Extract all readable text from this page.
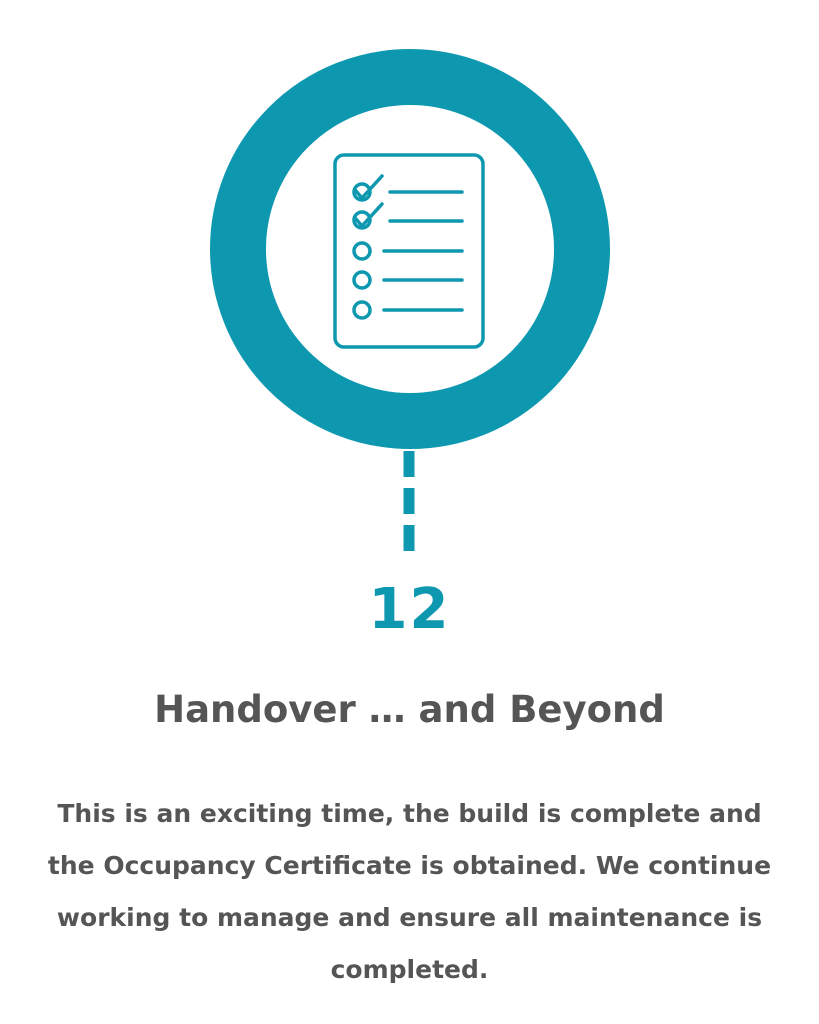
12
Handover … and Beyond
This is an exciting time, the build is complete and the Occupancy Certificate is obtained. We continue working to manage and ensure all maintenance is completed.
